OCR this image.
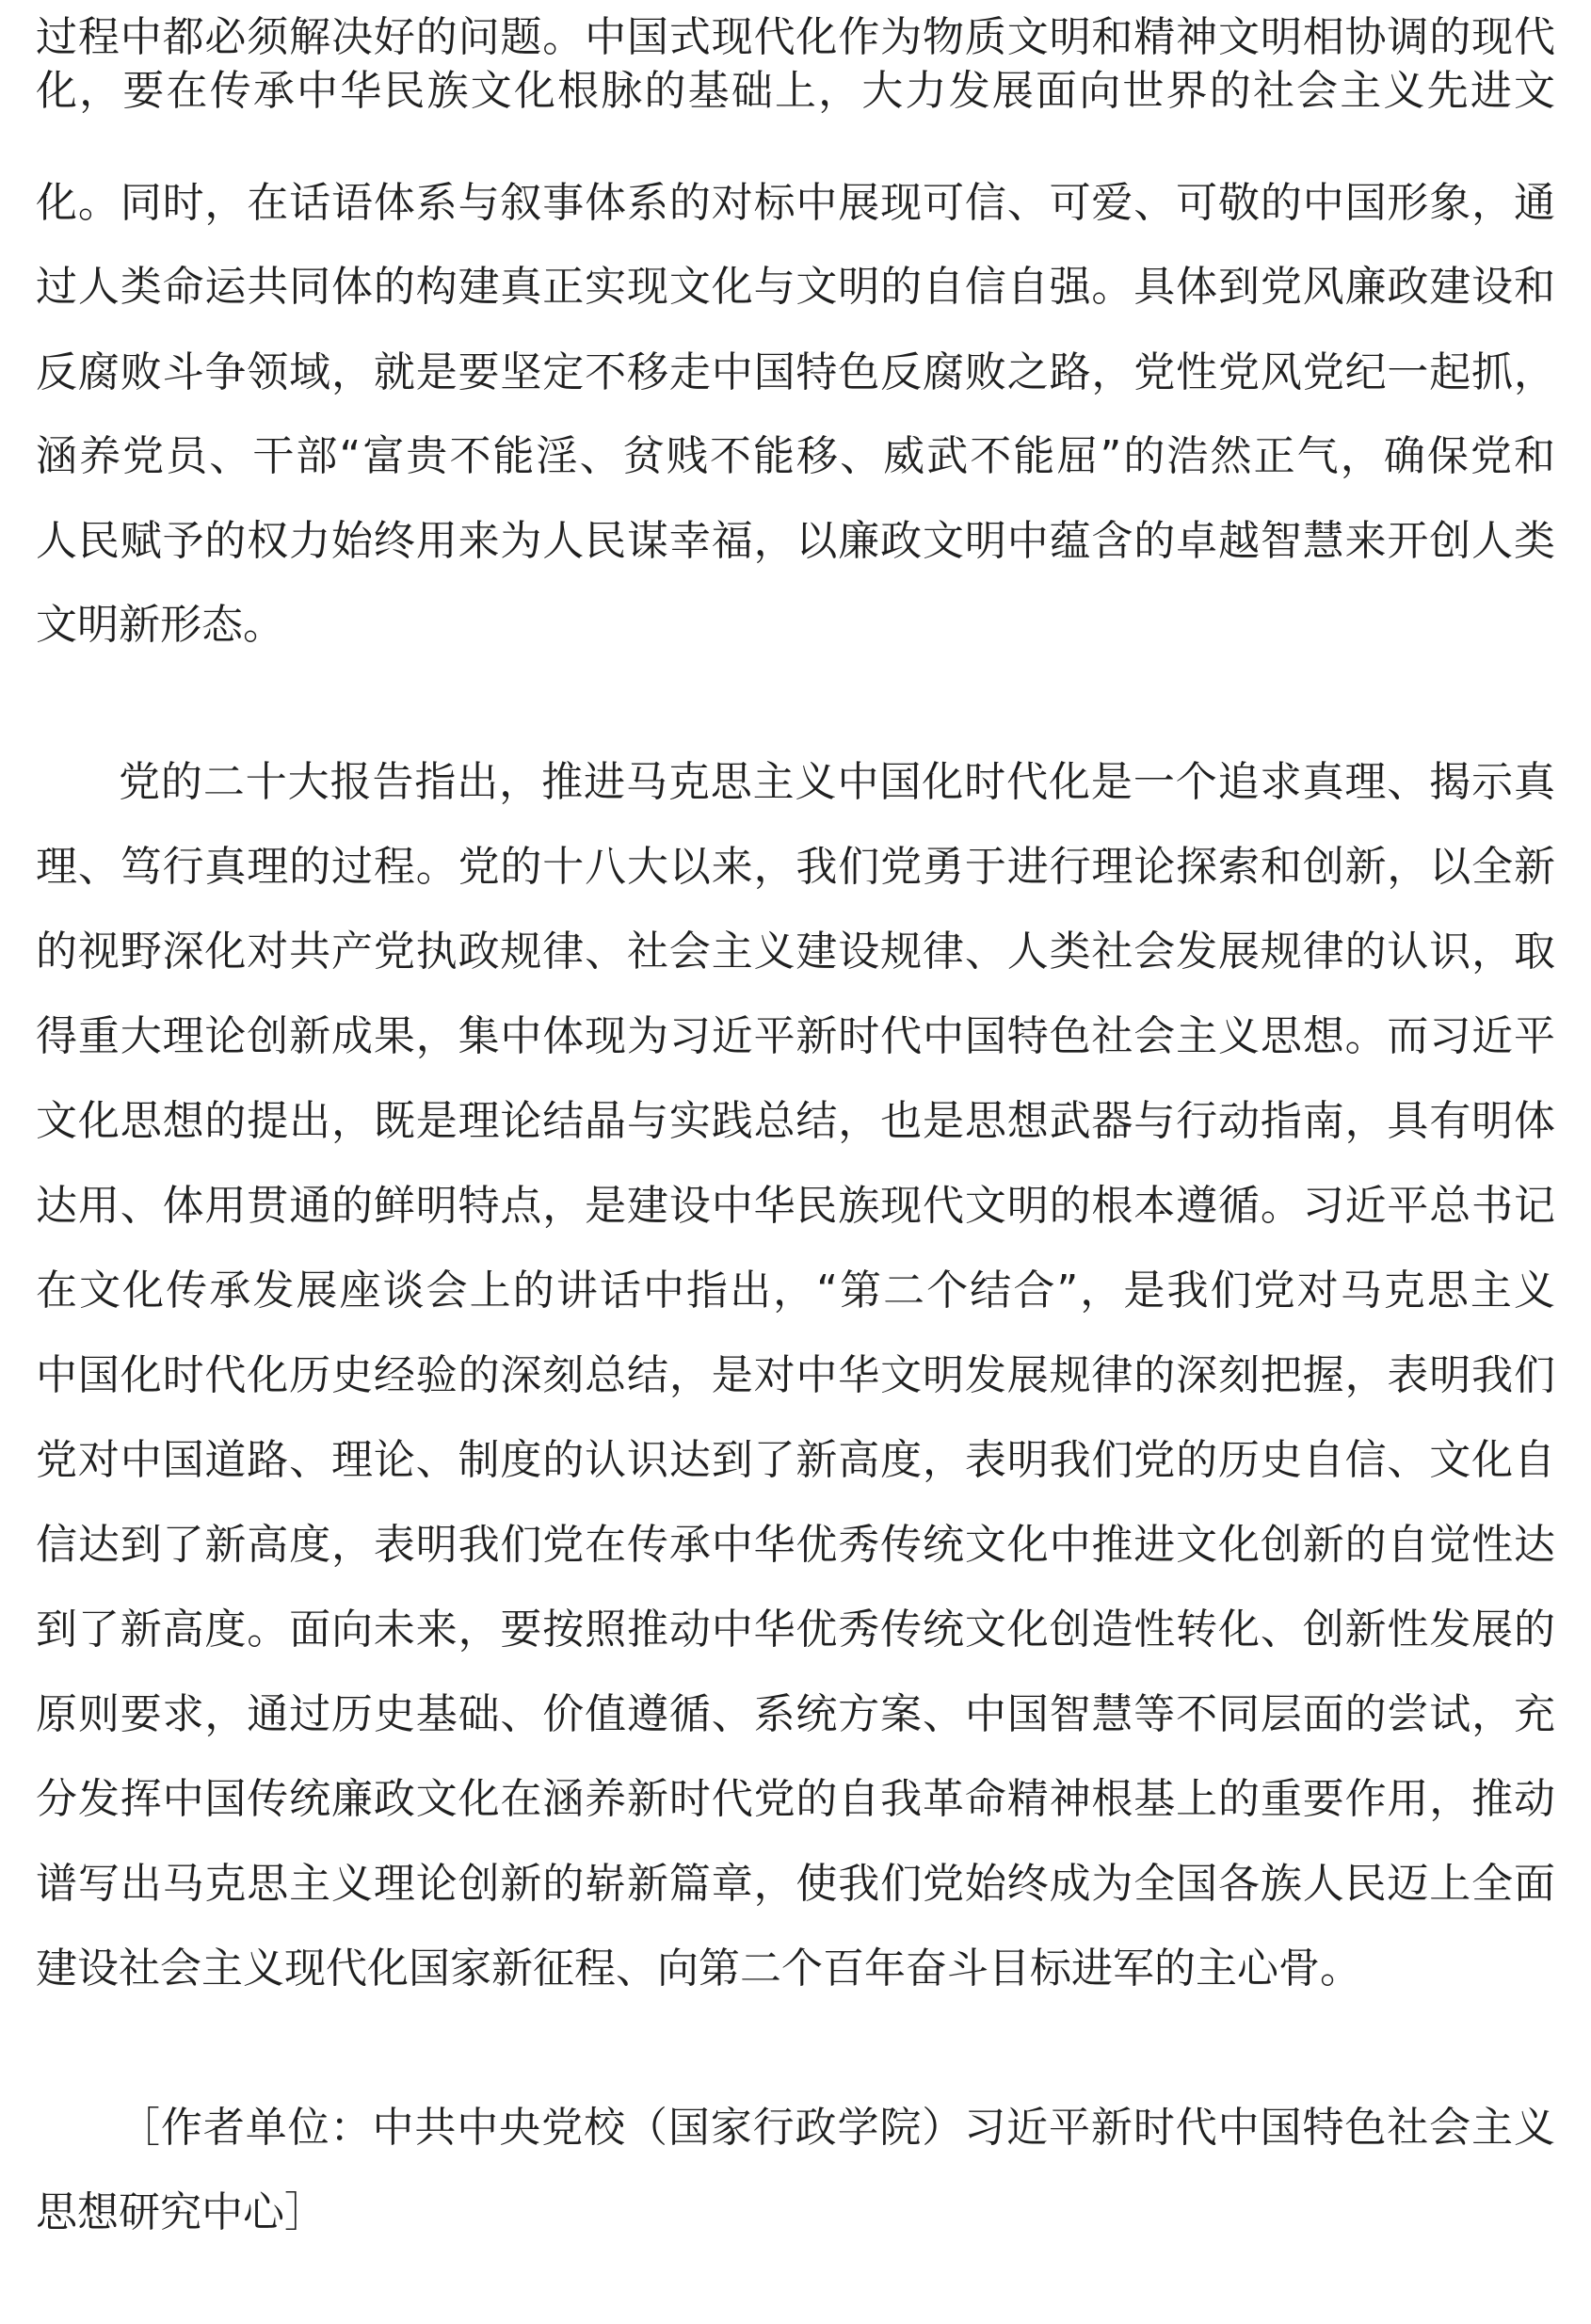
过程中都必须解决好的问题。中国式现代化作为物质文明和精神文明相协调的现代
化，要在传承中华民族文化根脉的基础上，大力发展面向世界的社会主义先进文
化。同时，在话语体系与叙事体系的对标中展现可信、可爱、可敬的中国形象，通
过人类命运共同体的构建真正实现文化与文明的自信自强。具体到党风廉政建设和
反腐败斗争领域，就是要坚定不移走中国特色反腐败之路，党性党风党纪一起抓，
涵养党员、干部“富贵不能淫、贫贱不能移、威武不能屈”的浩然正气，确保党和
人民赋予的权力始终用来为人民谋幸福，以廉政文明中蕴含的卓越智慧来开创人类
文明新形态。
党的二十大报告指出，推进马克思主义中国化时代化是一个追求真理、揭示真
理、笃行真理的过程。党的十八大以来，我们党勇于进行理论探索和创新，以全新
的视野深化对共产党执政规律、社会主义建设规律、人类社会发展规律的认识，取
得重大理论创新成果，集中体现为习近平新时代中国特色社会主义思想。而习近平
文化思想的提出，既是理论结晶与实践总结，也是思想武器与行动指南，具有明体
达用、体用贯通的鲜明特点，是建设中华民族现代文明的根本遵循。习近平总书记
在文化传承发展座谈会上的讲话中指出，“第二个结合”，是我们党对马克思主义
中国化时代化历史经验的深刻总结，是对中华文明发展规律的深刻把握，表明我们
党对中国道路、理论、制度的认识达到了新高度，表明我们党的历史自信、文化自
信达到了新高度，表明我们党在传承中华优秀传统文化中推进文化创新的自觉性达
到了新高度。面向未来，要按照推动中华优秀传统文化创造性转化、创新性发展的
原则要求，通过历史基础、价值遵循、系统方案、中国智慧等不同层面的尝试，充
分发挥中国传统廉政文化在涵养新时代党的自我革命精神根基上的重要作用，推动
谱写出马克思主义理论创新的崭新篇章，使我们党始终成为全国各族人民迈上全面
建设社会主义现代化国家新征程、向第二个百年奋斗目标进军的主心骨。
［作者单位：中共中央党校（国家行政学院）习近平新时代中国特色社会主义
思想研究中心］
